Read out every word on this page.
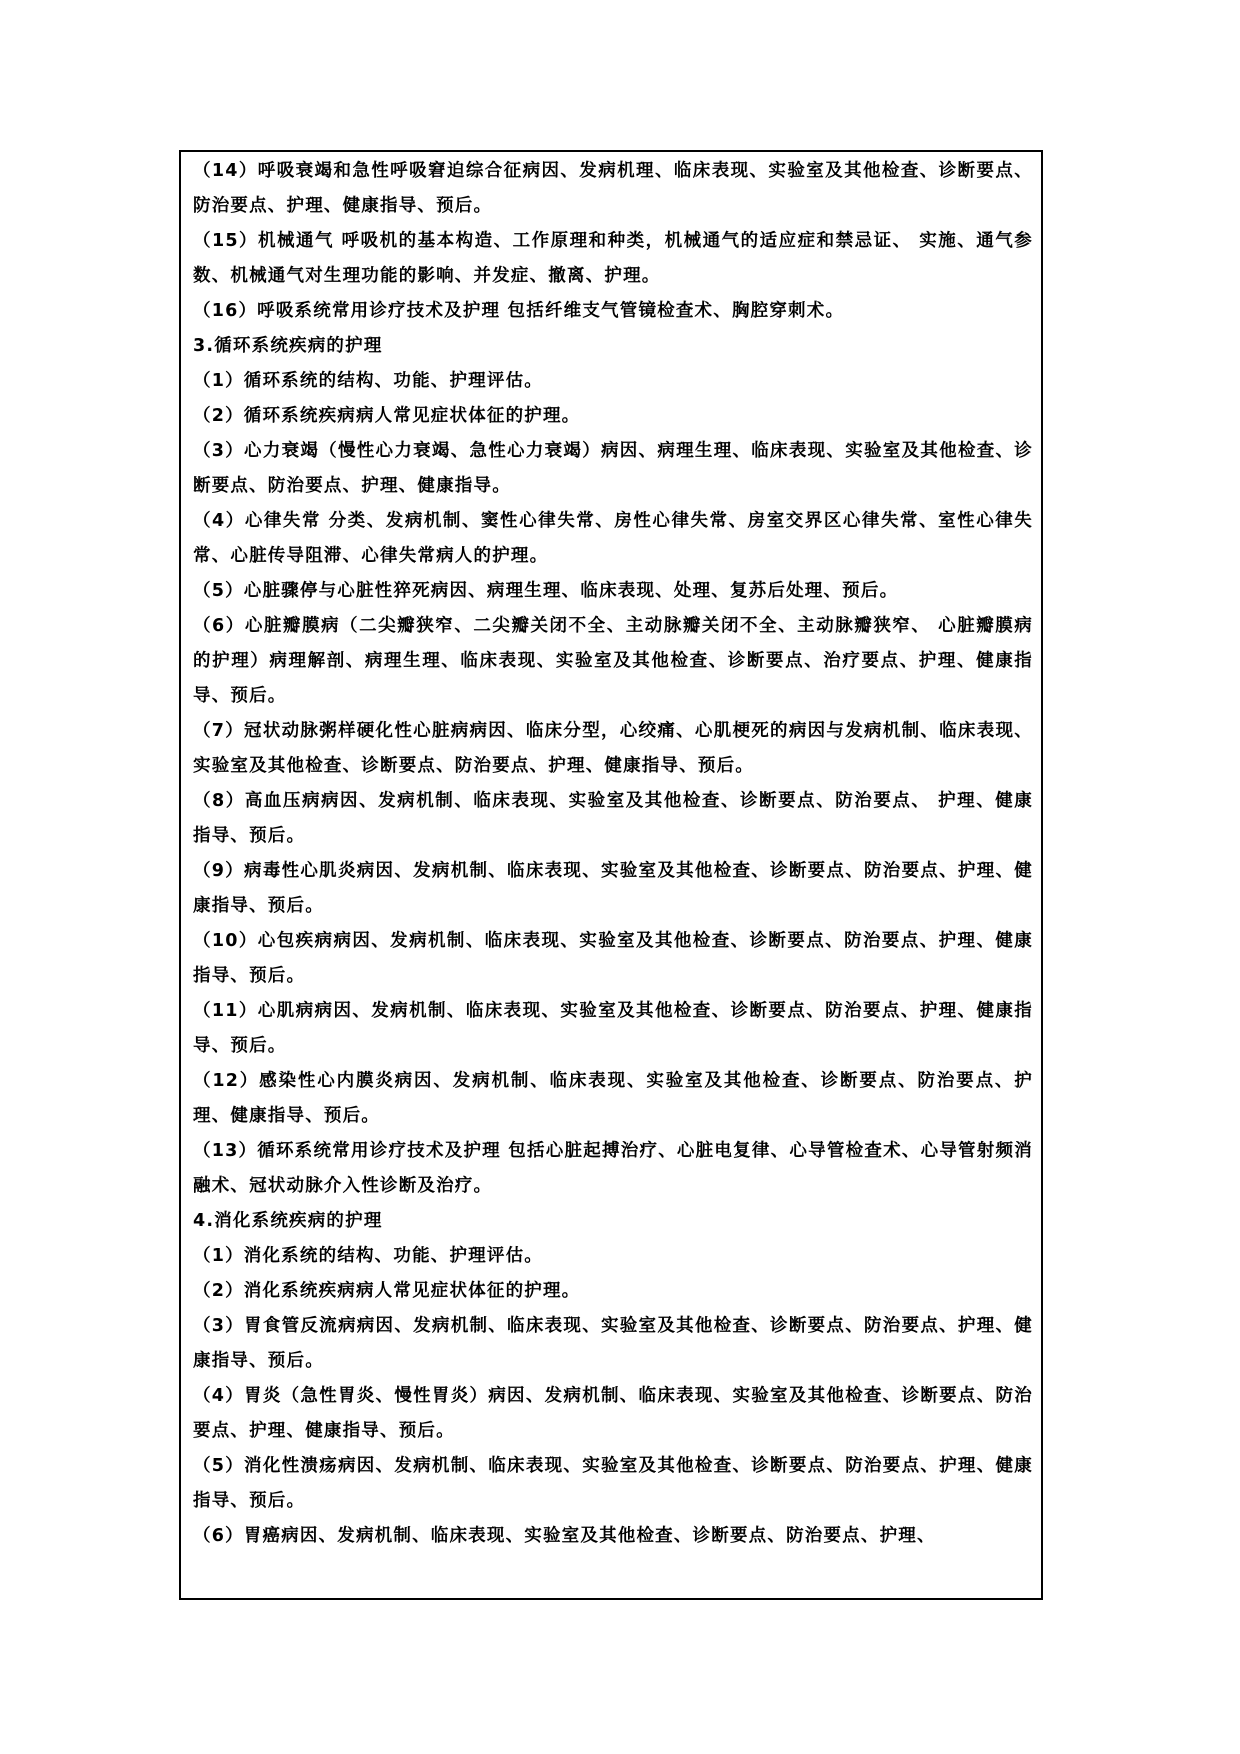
（14）呼吸衰竭和急性呼吸窘迫综合征病因、发病机理、临床表现、实验室及其他检查、诊断要点、防治要点、护理、健康指导、预后。

（15）机械通气 呼吸机的基本构造、工作原理和种类，机械通气的适应症和禁忌证、 实施、通气参数、机械通气对生理功能的影响、并发症、撤离、护理。

（16）呼吸系统常用诊疗技术及护理 包括纤维支气管镜检查术、胸腔穿刺术。

3.循环系统疾病的护理

（1）循环系统的结构、功能、护理评估。

（2）循环系统疾病病人常见症状体征的护理。

（3）心力衰竭（慢性心力衰竭、急性心力衰竭）病因、病理生理、临床表现、实验室及其他检查、诊断要点、防治要点、护理、健康指导。

（4）心律失常 分类、发病机制、窦性心律失常、房性心律失常、房室交界区心律失常、室性心律失常、心脏传导阻滞、心律失常病人的护理。

（5）心脏骤停与心脏性猝死病因、病理生理、临床表现、处理、复苏后处理、预后。

（6）心脏瓣膜病（二尖瓣狭窄、二尖瓣关闭不全、主动脉瓣关闭不全、主动脉瓣狭窄、 心脏瓣膜病的护理）病理解剖、病理生理、临床表现、实验室及其他检查、诊断要点、治疗要点、护理、健康指导、预后。

（7）冠状动脉粥样硬化性心脏病病因、临床分型，心绞痛、心肌梗死的病因与发病机制、临床表现、实验室及其他检查、诊断要点、防治要点、护理、健康指导、预后。

（8）高血压病病因、发病机制、临床表现、实验室及其他检查、诊断要点、防治要点、 护理、健康指导、预后。

（9）病毒性心肌炎病因、发病机制、临床表现、实验室及其他检查、诊断要点、防治要点、护理、健康指导、预后。

（10）心包疾病病因、发病机制、临床表现、实验室及其他检查、诊断要点、防治要点、护理、健康指导、预后。

（11）心肌病病因、发病机制、临床表现、实验室及其他检查、诊断要点、防治要点、护理、健康指导、预后。

（12）感染性心内膜炎病因、发病机制、临床表现、实验室及其他检查、诊断要点、防治要点、护理、健康指导、预后。

（13）循环系统常用诊疗技术及护理 包括心脏起搏治疗、心脏电复律、心导管检查术、心导管射频消融术、冠状动脉介入性诊断及治疗。

4.消化系统疾病的护理

（1）消化系统的结构、功能、护理评估。

（2）消化系统疾病病人常见症状体征的护理。

（3）胃食管反流病病因、发病机制、临床表现、实验室及其他检查、诊断要点、防治要点、护理、健康指导、预后。

（4）胃炎（急性胃炎、慢性胃炎）病因、发病机制、临床表现、实验室及其他检查、诊断要点、防治要点、护理、健康指导、预后。

（5）消化性溃疡病因、发病机制、临床表现、实验室及其他检查、诊断要点、防治要点、护理、健康指导、预后。

（6）胃癌病因、发病机制、临床表现、实验室及其他检查、诊断要点、防治要点、护理、
